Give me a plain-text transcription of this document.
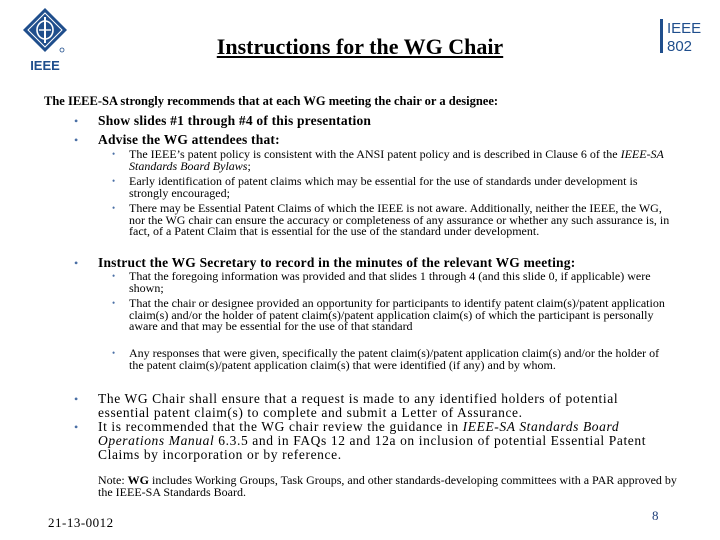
IEEE
IEEE
802
Instructions for the WG Chair
The IEEE-SA strongly recommends that at each WG meeting the chair or a designee:
• Show slides #1 through #4 of this presentation
• Advise the WG attendees that:
• The IEEE’s patent policy is consistent with the ANSI patent policy and is described in Clause 6 of the IEEE-SA Standards Board Bylaws;
• Early identification of patent claims which may be essential for the use of standards under development is strongly encouraged;
• There may be Essential Patent Claims of which the IEEE is not aware. Additionally, neither the IEEE, the WG, nor the WG chair can ensure the accuracy or completeness of any assurance or whether any such assurance is, in fact, of a Patent Claim that is essential for the use of the standard under development.
• Instruct the WG Secretary to record in the minutes of the relevant WG meeting:
• That the foregoing information was provided and that slides 1 through 4 (and this slide 0, if applicable) were shown;
• That the chair or designee provided an opportunity for participants to identify patent claim(s)/patent application claim(s) and/or the holder of patent claim(s)/patent application claim(s) of which the participant is personally aware and that may be essential for the use of that standard
• Any responses that were given, specifically the patent claim(s)/patent application claim(s) and/or the holder of the patent claim(s)/patent application claim(s) that were identified (if any) and by whom.
• The WG Chair shall ensure that a request is made to any identified holders of potential essential patent claim(s) to complete and submit a Letter of Assurance.
• It is recommended that the WG chair review the guidance in IEEE-SA Standards Board Operations Manual 6.3.5 and in FAQs 12 and 12a on inclusion of potential Essential Patent Claims by incorporation or by reference.
Note: WG includes Working Groups, Task Groups, and other standards-developing committees with a PAR approved by the IEEE-SA Standards Board.
21-13-0012	8
